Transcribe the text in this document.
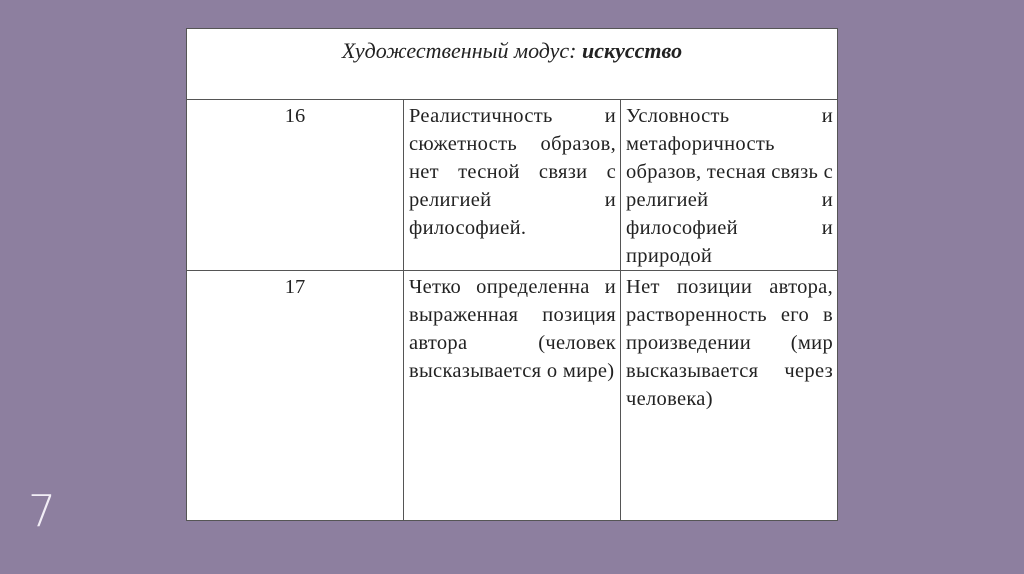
Художественный модус: искусство		
16	Реалистичность и сюжетность образов, нет тесной связи с религией и философией.	Условность и метафоричность образов, тесная связь с религией и философией и природой
17	Четко определенна и выраженная позиция автора (человек высказывается о мире)	Нет позиции автора, растворенность его в произведении (мир высказывается через человека)
7
